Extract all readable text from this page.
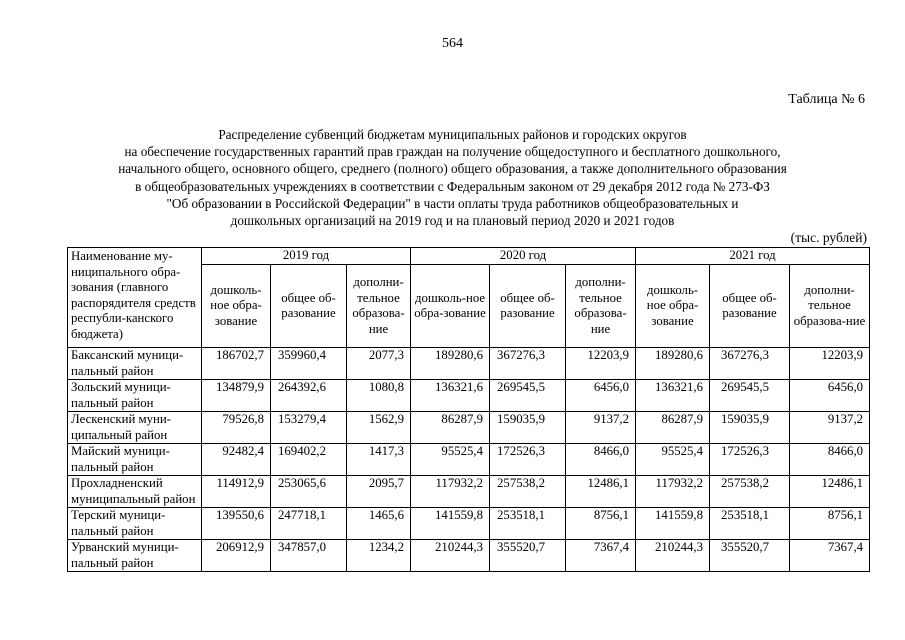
564
Таблица № 6
Распределение субвенций бюджетам муниципальных районов и городских округов
на обеспечение государственных гарантий прав граждан на получение общедоступного и бесплатного дошкольного,
начального общего, основного общего, среднего (полного) общего образования, а также дополнительного образования
в общеобразовательных учреждениях в соответствии с Федеральным законом от 29 декабря 2012 года № 273-ФЗ
"Об образовании в Российской Федерации" в части оплаты труда работников общеобразовательных и
дошкольных организаций на 2019 год и на плановый период 2020 и 2021 годов
(тыс. рублей)
Наименование му-ниципального обра-зования (главного распорядителя средств республи-канского бюджета)	2019 год			2020 год			2021 год		
	дошколь-ное обра-зование	общее об-разование	дополни-тельное образова-ние	дошколь-ное обра-зование	общее об-разование	дополни-тельное образова-ние	дошколь-ное обра-зование	общее об-разование	дополни-тельное образова-ние
Баксанский муници-пальный район	186702,7	359960,4	2077,3	189280,6	367276,3	12203,9	189280,6	367276,3	12203,9
Зольский муници-пальный район	134879,9	264392,6	1080,8	136321,6	269545,5	6456,0	136321,6	269545,5	6456,0
Лескенский муни-ципальный район	79526,8	153279,4	1562,9	86287,9	159035,9	9137,2	86287,9	159035,9	9137,2
Майский муници-пальный район	92482,4	169402,2	1417,3	95525,4	172526,3	8466,0	95525,4	172526,3	8466,0
Прохладненский муниципальный район	114912,9	253065,6	2095,7	117932,2	257538,2	12486,1	117932,2	257538,2	12486,1
Терский муници-пальный район	139550,6	247718,1	1465,6	141559,8	253518,1	8756,1	141559,8	253518,1	8756,1
Урванский муници-пальный район	206912,9	347857,0	1234,2	210244,3	355520,7	7367,4	210244,3	355520,7	7367,4
